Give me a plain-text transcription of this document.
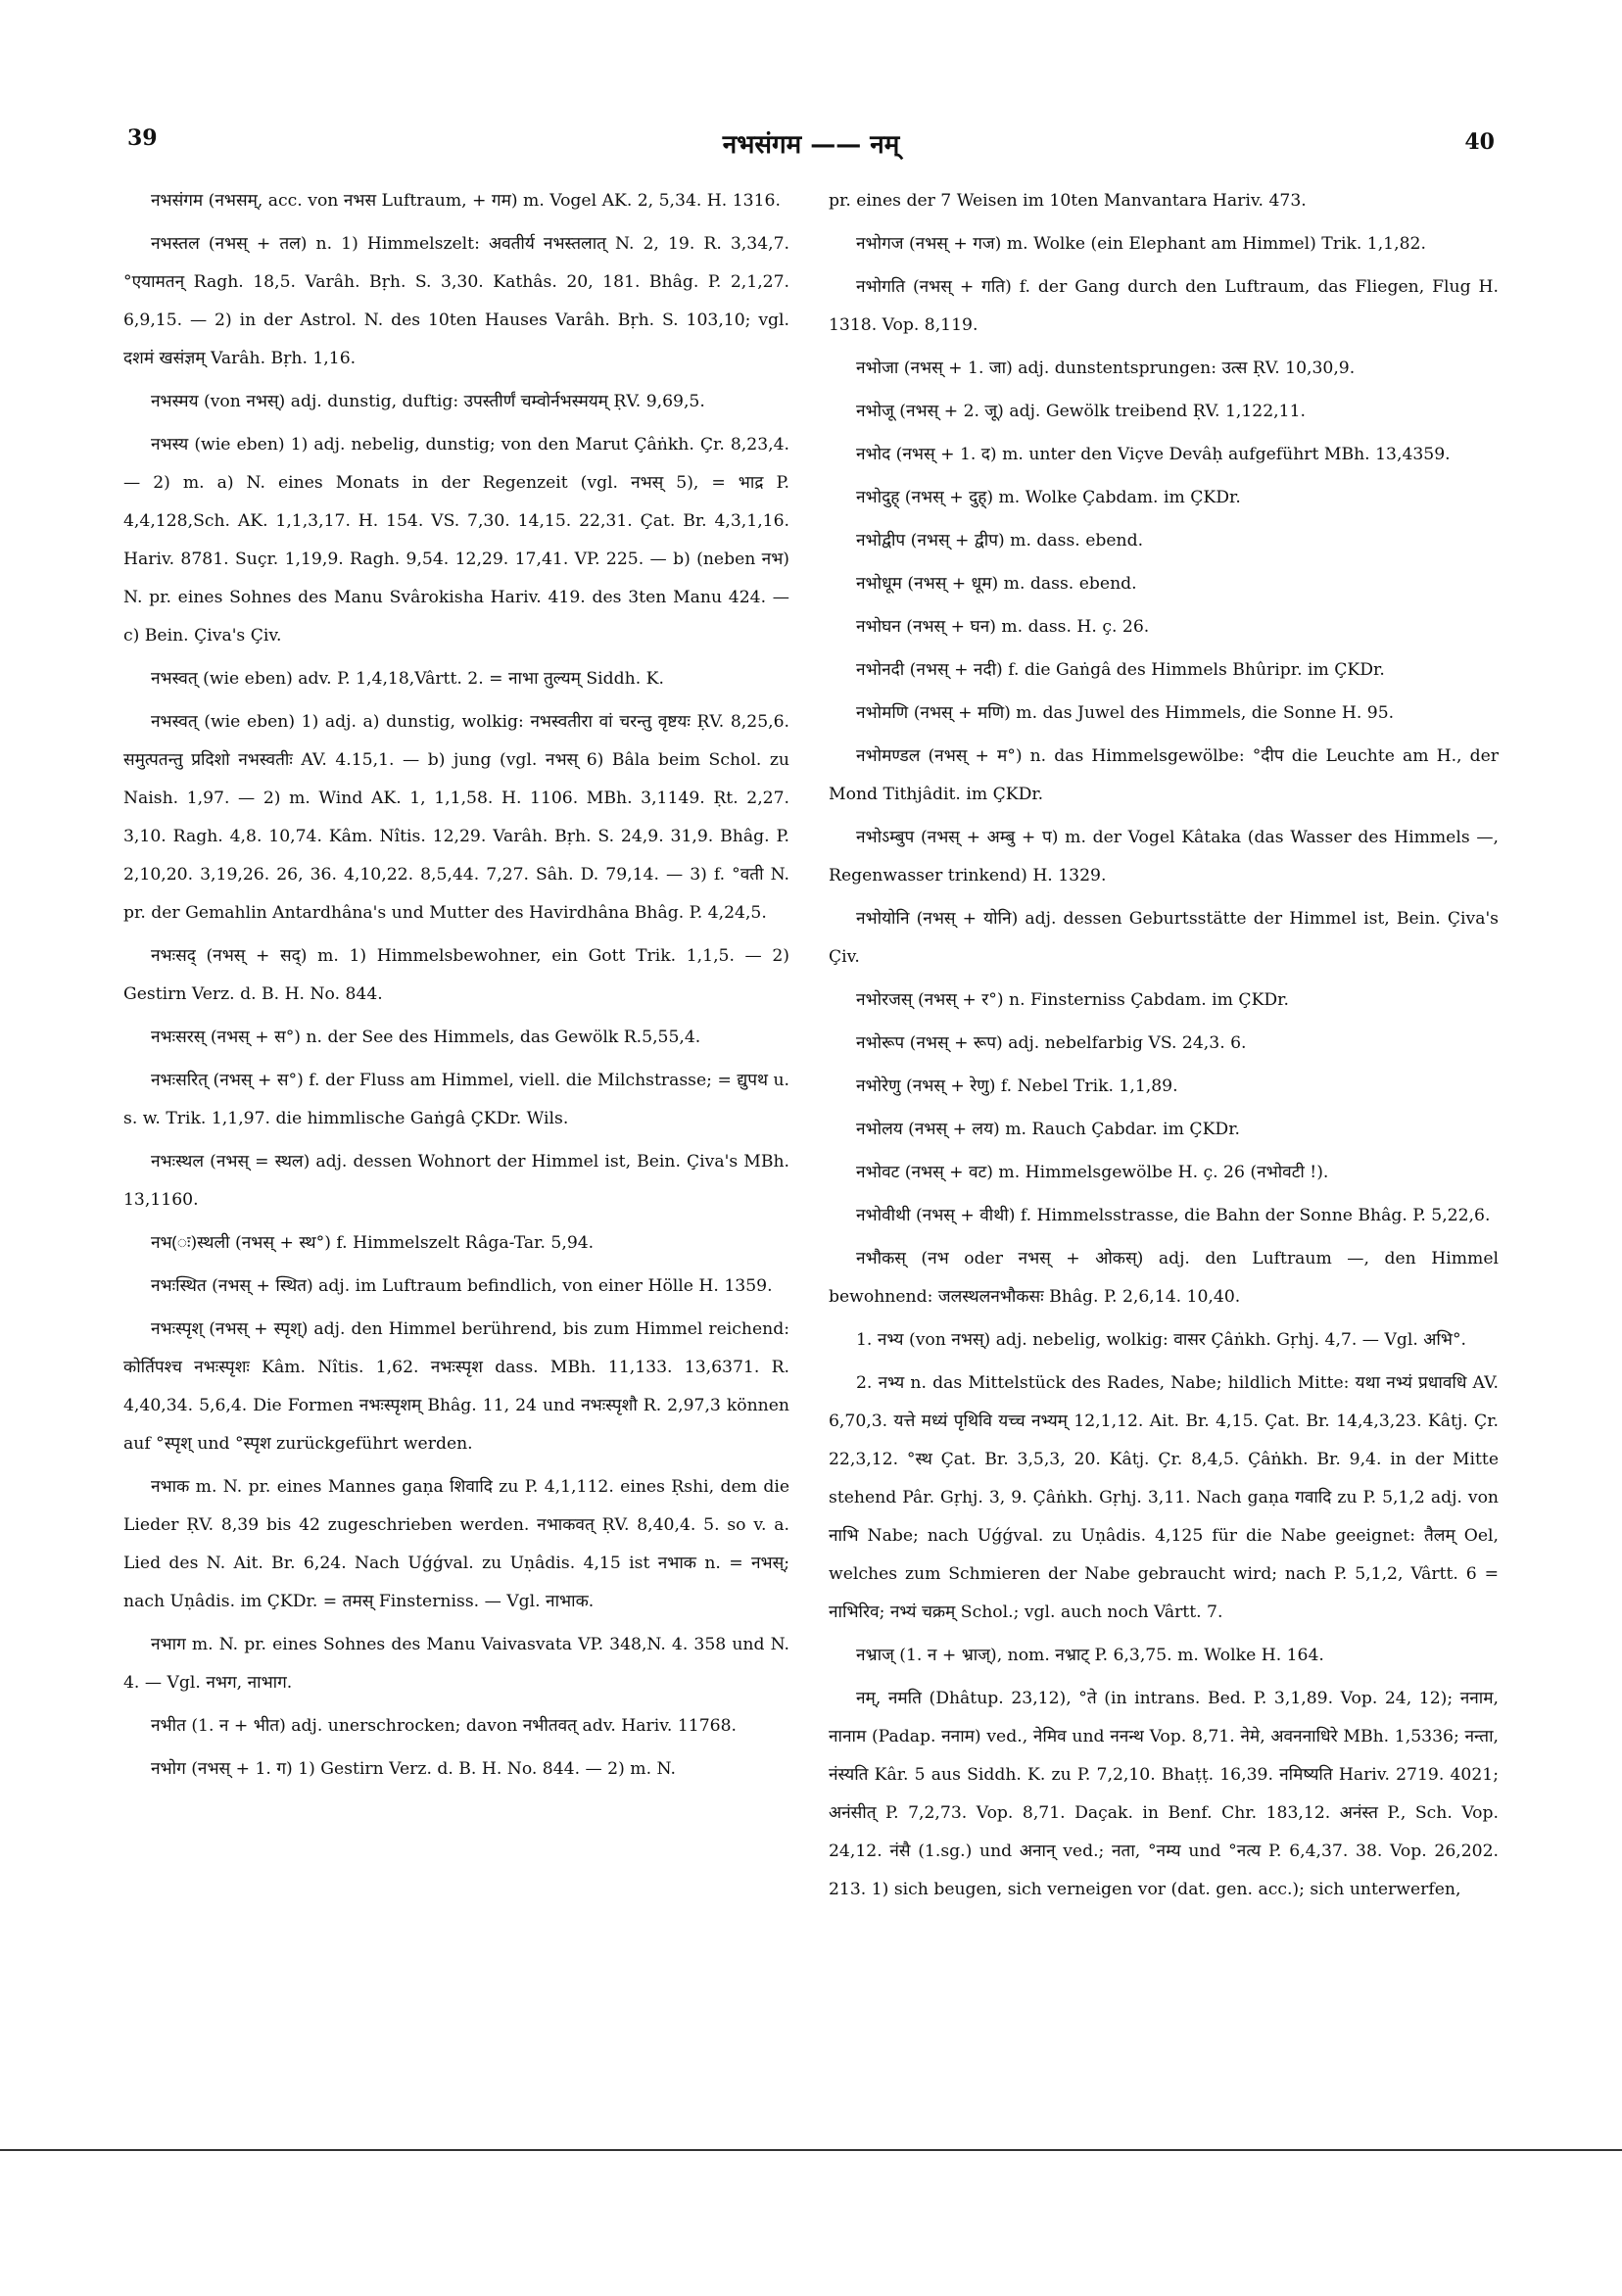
39	नभसंगम —— नम्	40

नभसंगम (नभसम्, acc. von नभस Luftraum, + गम) m. Vogel AK. 2, 5,34. H. 1316.

नभस्तल (नभस् + तल) n. 1) Himmelszelt: अवतीर्य नभस्तलात् N. 2, 19. R. 3,34,7. °एयामतन् Ragh. 18,5. Varâh. Bṛh. S. 3,30. Kathâs. 20, 181. Bhâg. P. 2,1,27. 6,9,15. — 2) in der Astrol. N. des 10ten Hauses Varâh. Bṛh. S. 103,10; vgl. दशमं खसंज्ञम् Varâh. Bṛh. 1,16.

नभस्मय (von नभस्) adj. dunstig, duftig: उपस्तीर्णं चम्वोर्नभस्मयम् ṚV. 9,69,5.

नभस्य (wie eben) 1) adj. nebelig, dunstig; von den Marut Çâṅkh. Çr. 8,23,4. — 2) m. a) N. eines Monats in der Regenzeit (vgl. नभस् 5), = भाद्र P. 4,4,128,Sch. AK. 1,1,3,17. H. 154. VS. 7,30. 14,15. 22,31. Çat. Br. 4,3,1,16. Hariv. 8781. Suçr. 1,19,9. Ragh. 9,54. 12,29. 17,41. VP. 225. — b) (neben नभ) N. pr. eines Sohnes des Manu Svârokisha Hariv. 419. des 3ten Manu 424. — c) Bein. Çiva's Çiv.

नभस्वत् (wie eben) adv. P. 1,4,18,Vârtt. 2. = नाभा तुल्यम् Siddh. K.

नभस्वत् (wie eben) 1) adj. a) dunstig, wolkig: नभस्वतीरा वां चरन्तु वृष्टयः ṚV. 8,25,6. समुत्पतन्तु प्रदिशो नभस्वतीः AV. 4.15,1. — b) jung (vgl. नभस् 6) Bâla beim Schol. zu Naish. 1,97. — 2) m. Wind AK. 1, 1,1,58. H. 1106. MBh. 3,1149. Ṛt. 2,27. 3,10. Ragh. 4,8. 10,74. Kâm. Nîtis. 12,29. Varâh. Bṛh. S. 24,9. 31,9. Bhâg. P. 2,10,20. 3,19,26. 26, 36. 4,10,22. 8,5,44. 7,27. Sâh. D. 79,14. — 3) f. °वती N. pr. der Gemahlin Antardhâna's und Mutter des Havirdhâna Bhâg. P. 4,24,5.

नभःसद् (नभस् + सद्) m. 1) Himmelsbewohner, ein Gott Trik. 1,1,5. — 2) Gestirn Verz. d. B. H. No. 844.

नभःसरस् (नभस् + स°) n. der See des Himmels, das Gewölk R.5,55,4.

नभःसरित् (नभस् + स°) f. der Fluss am Himmel, viell. die Milchstrasse; = द्युपथ u. s. w. Trik. 1,1,97. die himmlische Gaṅgâ ÇKDr. Wils.

नभःस्थल (नभस् = स्थल) adj. dessen Wohnort der Himmel ist, Bein. Çiva's MBh. 13,1160.

नभ(ः)स्थली (नभस् + स्थ°) f. Himmelszelt Râga-Tar. 5,94.

नभःस्थित (नभस् + स्थित) adj. im Luftraum befindlich, von einer Hölle H. 1359.

नभःस्पृश् (नभस् + स्पृश्) adj. den Himmel berührend, bis zum Himmel reichend: कोर्तिपश्च नभःस्पृशः Kâm. Nîtis. 1,62. नभःस्पृश dass. MBh. 11,133. 13,6371. R. 4,40,34. 5,6,4. Die Formen नभःस्पृशम् Bhâg. 11, 24 und नभःस्पृशौ R. 2,97,3 können auf °स्पृश् und °स्पृश zurückgeführt werden.

नभाक m. N. pr. eines Mannes gaṇa शिवादि zu P. 4,1,112. eines Ṛshi, dem die Lieder ṚV. 8,39 bis 42 zugeschrieben werden. नभाकवत् ṚV. 8,40,4. 5. so v. a. Lied des N. Ait. Br. 6,24. Nach Uǵǵval. zu Uṇâdis. 4,15 ist नभाक n. = नभस्; nach Uṇâdis. im ÇKDr. = तमस् Finsterniss. — Vgl. नाभाक.

नभाग m. N. pr. eines Sohnes des Manu Vaivasvata VP. 348,N. 4. 358 und N. 4. — Vgl. नभग, नाभाग.

नभीत (1. न + भीत) adj. unerschrocken; davon नभीतवत् adv. Hariv. 11768.

नभोग (नभस् + 1. ग) 1) Gestirn Verz. d. B. H. No. 844. — 2) m. N.

pr. eines der 7 Weisen im 10ten Manvantara Hariv. 473.

नभोगज (नभस् + गज) m. Wolke (ein Elephant am Himmel) Trik. 1,1,82.

नभोगति (नभस् + गति) f. der Gang durch den Luftraum, das Fliegen, Flug H. 1318. Vop. 8,119.

नभोजा (नभस् + 1. जा) adj. dunstentsprungen: उत्स ṚV. 10,30,9.

नभोजू (नभस् + 2. जू) adj. Gewölk treibend ṚV. 1,122,11.

नभोद (नभस् + 1. द) m. unter den Viçve Devâḥ aufgeführt MBh. 13,4359.

नभोदुह् (नभस् + दुह्) m. Wolke Çabdam. im ÇKDr.

नभोद्वीप (नभस् + द्वीप) m. dass. ebend.

नभोधूम (नभस् + धूम) m. dass. ebend.

नभोघन (नभस् + घन) m. dass. H. ç. 26.

नभोनदी (नभस् + नदी) f. die Gaṅgâ des Himmels Bhûripr. im ÇKDr.

नभोमणि (नभस् + मणि) m. das Juwel des Himmels, die Sonne H. 95.

नभोमण्डल (नभस् + म°) n. das Himmelsgewölbe: °दीप die Leuchte am H., der Mond Tithjâdit. im ÇKDr.

नभोऽम्बुप (नभस् + अम्बु + प) m. der Vogel Kâtaka (das Wasser des Himmels —, Regenwasser trinkend) H. 1329.

नभोयोनि (नभस् + योनि) adj. dessen Geburtsstätte der Himmel ist, Bein. Çiva's Çiv.

नभोरजस् (नभस् + र°) n. Finsterniss Çabdam. im ÇKDr.

नभोरूप (नभस् + रूप) adj. nebelfarbig VS. 24,3. 6.

नभोरेणु (नभस् + रेणु) f. Nebel Trik. 1,1,89.

नभोलय (नभस् + लय) m. Rauch Çabdar. im ÇKDr.

नभोवट (नभस् + वट) m. Himmelsgewölbe H. ç. 26 (नभोवटी !).

नभोवीथी (नभस् + वीथी) f. Himmelsstrasse, die Bahn der Sonne Bhâg. P. 5,22,6.

नभौकस् (नभ oder नभस् + ओकस्) adj. den Luftraum —, den Himmel bewohnend: जलस्थलनभौकसः Bhâg. P. 2,6,14. 10,40.

1. नभ्य (von नभस्) adj. nebelig, wolkig: वासर Çâṅkh. Gṛhj. 4,7. — Vgl. अभि°.

2. नभ्य n. das Mittelstück des Rades, Nabe; hildlich Mitte: यथा नभ्यं प्रधावधि AV. 6,70,3. यत्ते मध्यं पृथिवि यच्च नभ्यम् 12,1,12. Ait. Br. 4,15. Çat. Br. 14,4,3,23. Kâtj. Çr. 22,3,12. °स्थ Çat. Br. 3,5,3, 20. Kâtj. Çr. 8,4,5. Çâṅkh. Br. 9,4. in der Mitte stehend Pâr. Gṛhj. 3, 9. Çâṅkh. Gṛhj. 3,11. Nach gaṇa गवादि zu P. 5,1,2 adj. von नाभि Nabe; nach Uǵǵval. zu Uṇâdis. 4,125 für die Nabe geeignet: तैलम् Oel, welches zum Schmieren der Nabe gebraucht wird; nach P. 5,1,2, Vârtt. 6 = नाभिरिव; नभ्यं चक्रम् Schol.; vgl. auch noch Vârtt. 7.

नभ्राज् (1. न + भ्राज्), nom. नभ्राट् P. 6,3,75. m. Wolke H. 164.

नम्, नमति (Dhâtup. 23,12), °ते (in intrans. Bed. P. 3,1,89. Vop. 24, 12); ननाम, नानाम (Padap. ननाम) ved., नेमिव und ननन्थ Vop. 8,71. नेमे, अवननाधिरे MBh. 1,5336; नन्ता, नंस्यति Kâr. 5 aus Siddh. K. zu P. 7,2,10. Bhaṭṭ. 16,39. नमिष्यति Hariv. 2719. 4021; अनंसीत् P. 7,2,73. Vop. 8,71. Daçak. in Benf. Chr. 183,12. अनंस्त P., Sch. Vop. 24,12. नंसै (1.sg.) und अनान् ved.; नता, °नम्य und °नत्य P. 6,4,37. 38. Vop. 26,202. 213. 1) sich beugen, sich verneigen vor (dat. gen. acc.); sich unterwerfen,
